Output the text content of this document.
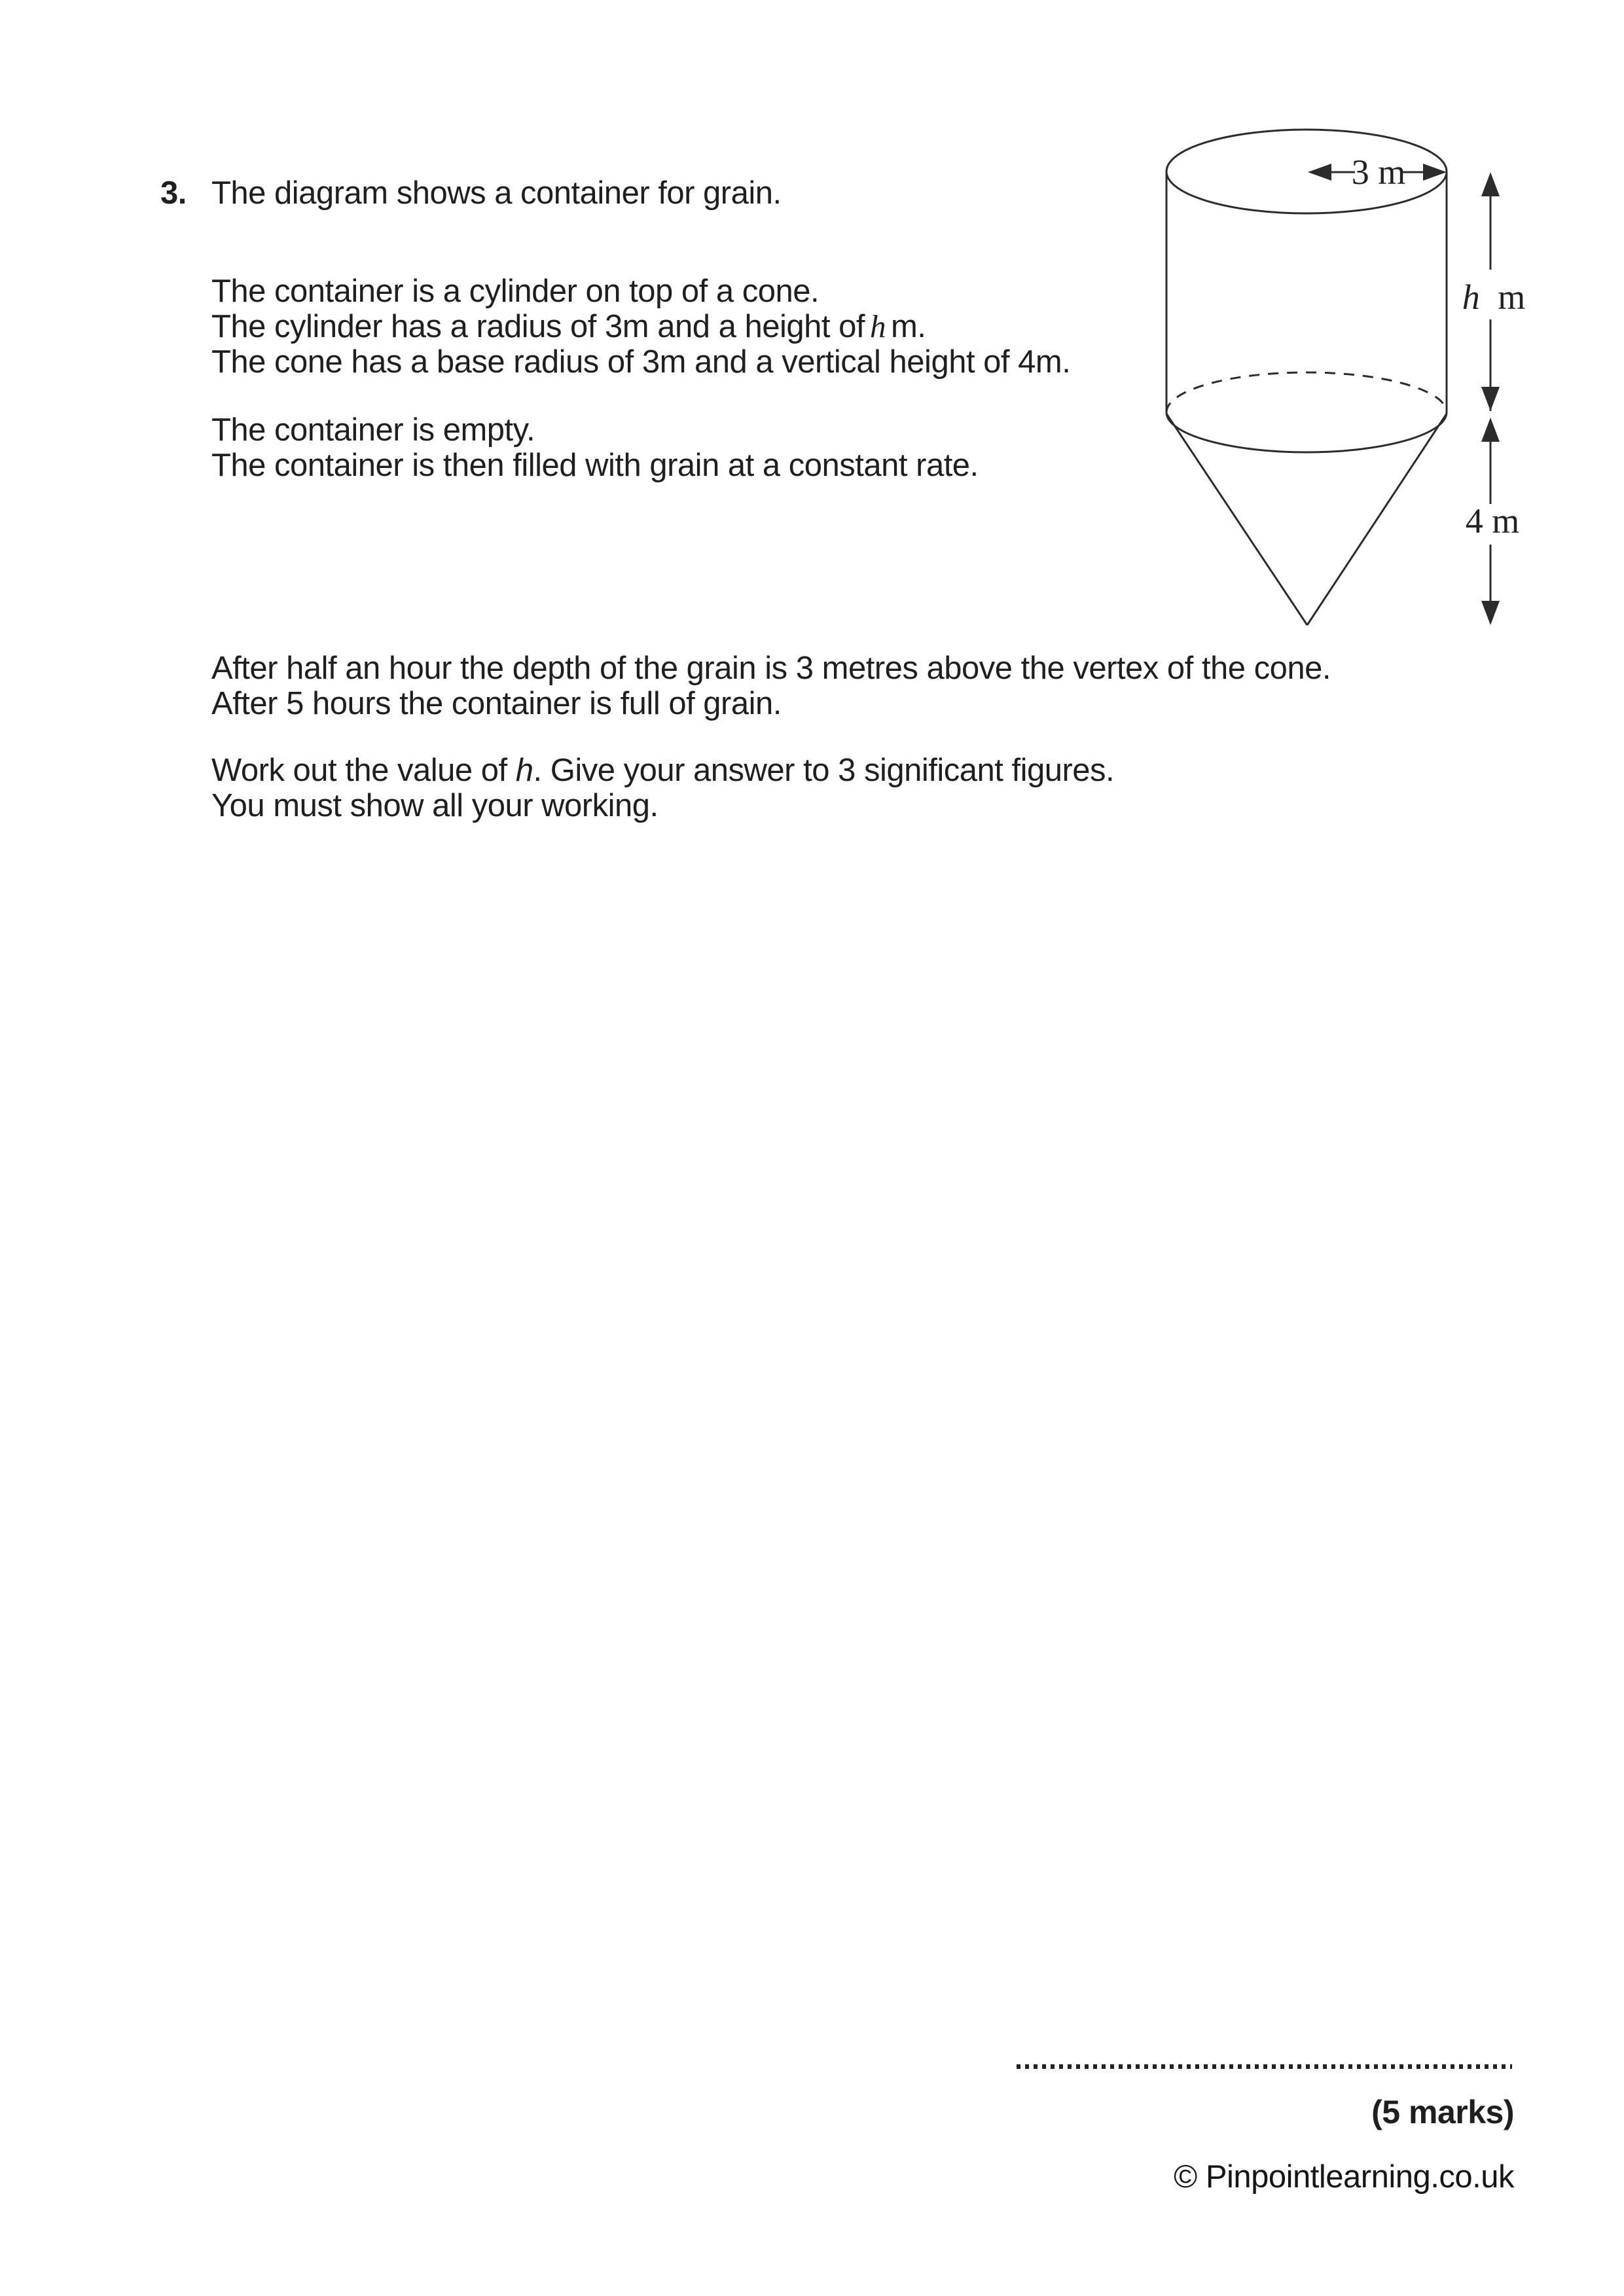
3. The diagram shows a container for grain.
The container is a cylinder on top of a cone.
The cylinder has a radius of 3m and a height of h m.
The cone has a base radius of 3m and a vertical height of 4m.
The container is empty.
The container is then filled with grain at a constant rate.
After half an hour the depth of the grain is 3 metres above the vertex of the cone.
After 5 hours the container is full of grain.
Work out the value of h. Give your answer to 3 significant figures.
You must show all your working.
3 m
h m
4 m
(5 marks)
© Pinpointlearning.co.uk
